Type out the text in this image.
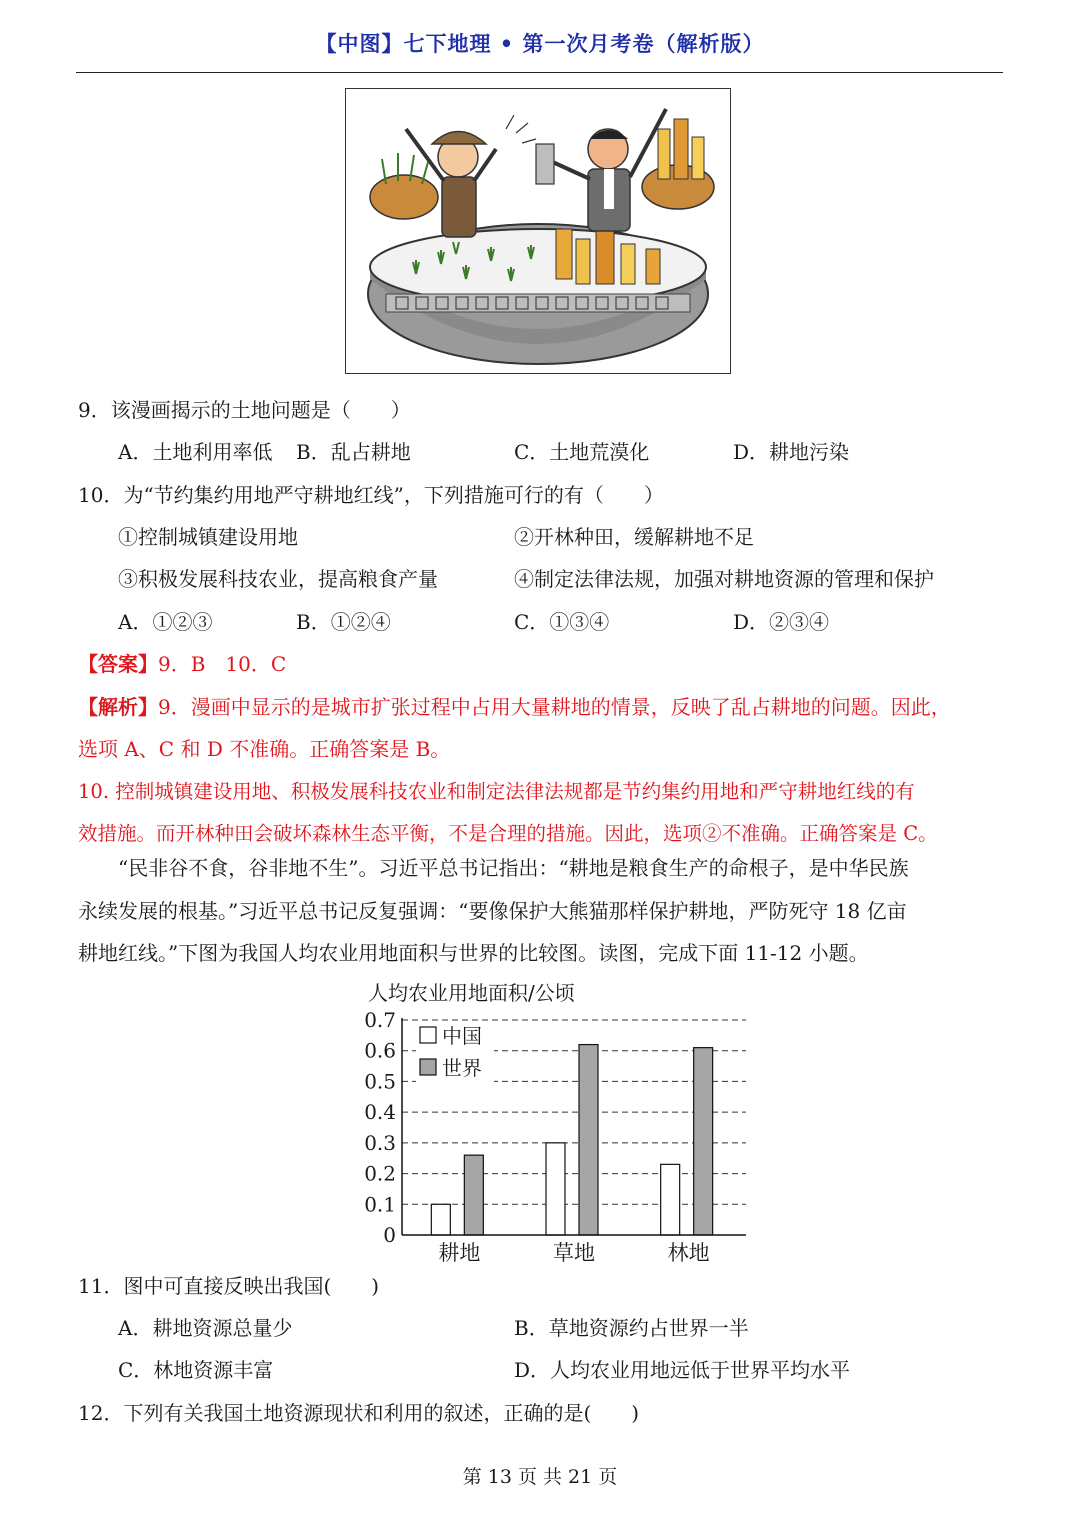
【中图】七下地理 • 第一次月考卷（解析版）
9．该漫画揭示的土地问题是（　　）
A．土地利用率低 B．乱占耕地	C．土地荒漠化	D．耕地污染
10．为“节约集约用地严守耕地红线”，下列措施可行的有（　　）
①控制城镇建设用地	②开林种田，缓解耕地不足
③积极发展科技农业，提高粮食产量	④制定法律法规，加强对耕地资源的管理和保护
A．①②③	B．①②④	C．①③④	D．②③④
【答案】9．B　10．C
【解析】9．漫画中显示的是城市扩张过程中占用大量耕地的情景，反映了乱占耕地的问题。因此，
选项 A、C 和 D 不准确。正确答案是 B。
10. 控制城镇建设用地、积极发展科技农业和制定法律法规都是节约集约用地和严守耕地红线的有
效措施。而开林种田会破坏森林生态平衡，不是合理的措施。因此，选项②不准确。正确答案是 C。
“民非谷不食，谷非地不生”。习近平总书记指出：“耕地是粮食生产的命根子，是中华民族
永续发展的根基。”习近平总书记反复强调：“要像保护大熊猫那样保护耕地，严防死守 18 亿亩
耕地红线。”下图为我国人均农业用地面积与世界的比较图。读图，完成下面 11-12 小题。
人均农业用地面积/公顷
0
0.1
0.2
0.3
0.4
0.5
0.6
0.7
耕地	草地	林地
中国
世界
11．图中可直接反映出我国(　　)
A．耕地资源总量少	B．草地资源约占世界一半
C．林地资源丰富	D．人均农业用地远低于世界平均水平
12．下列有关我国土地资源现状和利用的叙述，正确的是(　　)
第 13 页 共 21 页
